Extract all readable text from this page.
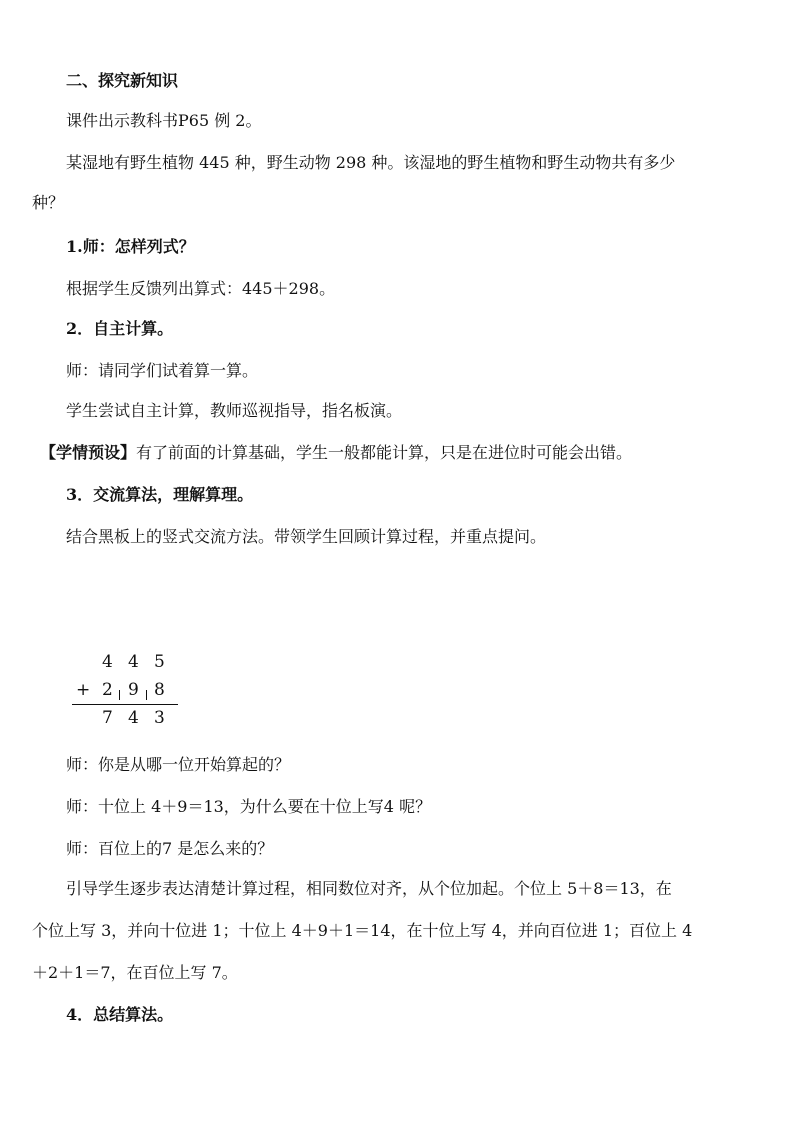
二、探究新知识
课件出示教科书P65 例 2。
某湿地有野生植物 445 种，野生动物 298 种。该湿地的野生植物和野生动物共有多少
种？
1.师：怎样列式？
根据学生反馈列出算式：445＋298。
2．自主计算。
师：请同学们试着算一算。
学生尝试自主计算，教师巡视指导，指名板演。
【学情预设】有了前面的计算基础，学生一般都能计算，只是在进位时可能会出错。
3．交流算法，理解算理。
结合黑板上的竖式交流方法。带领学生回顾计算过程，并重点提问。
4 4 5
+ 2 9 8
7 4 3
师：你是从哪一位开始算起的？
师：十位上 4＋9＝13，为什么要在十位上写4 呢？
师：百位上的7 是怎么来的？
引导学生逐步表达清楚计算过程，相同数位对齐，从个位加起。个位上 5＋8＝13，在
个位上写 3，并向十位进 1；十位上 4＋9＋1＝14，在十位上写 4，并向百位进 1；百位上 4
＋2＋1＝7，在百位上写 7。
4．总结算法。
